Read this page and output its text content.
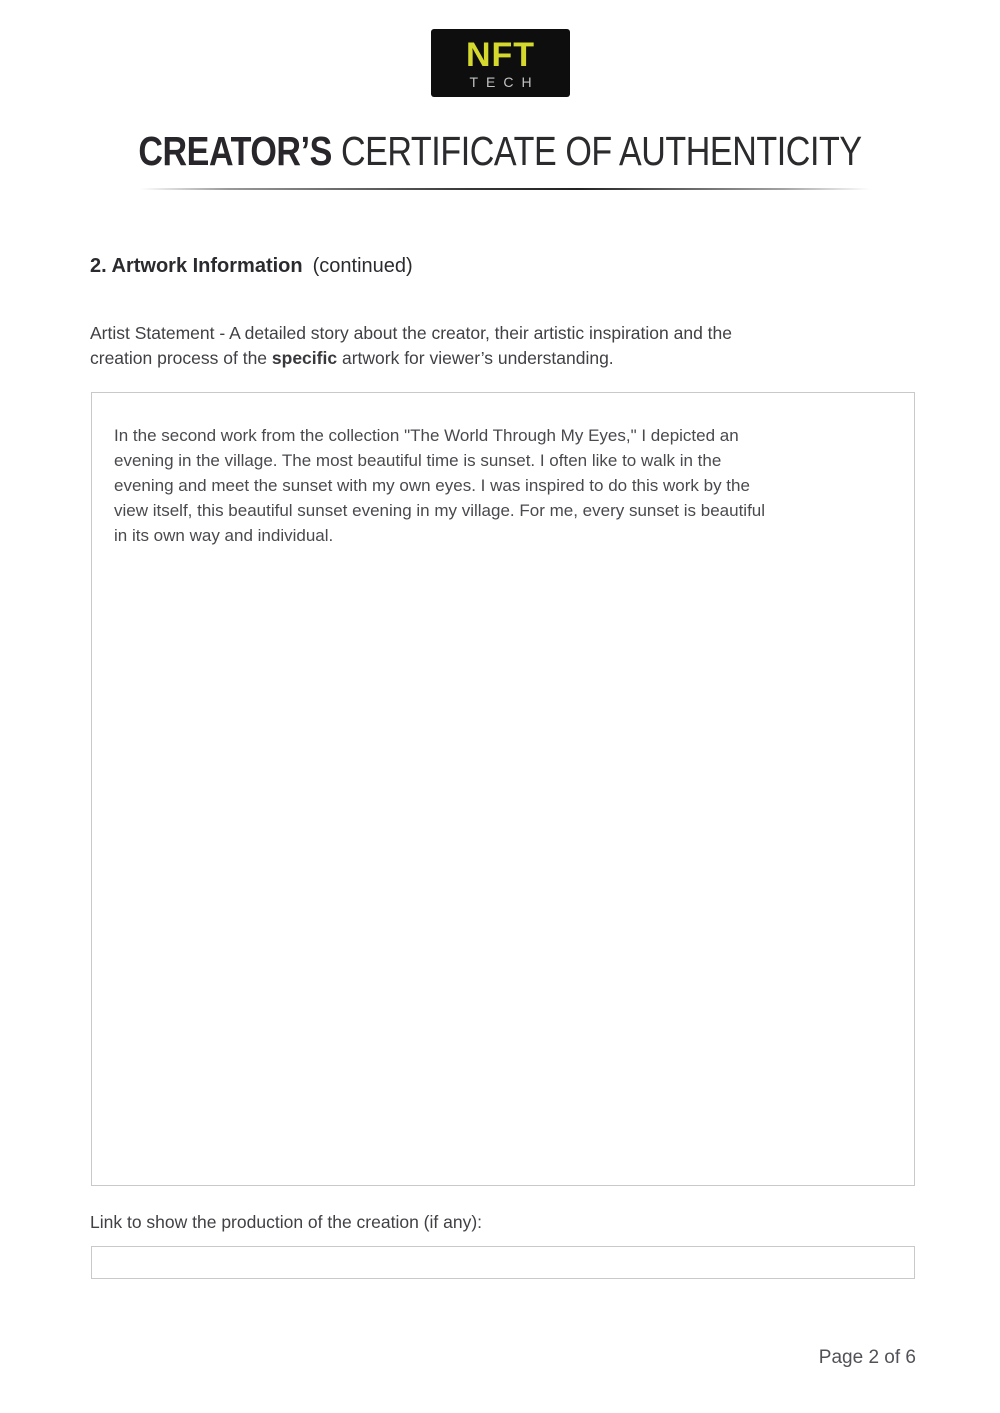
NFT
TECH
CREATOR’S CERTIFICATE OF AUTHENTICITY
2. Artwork Information (continued)

Artist Statement - A detailed story about the creator, their artistic inspiration and the
creation process of the specific artwork for viewer’s understanding.

In the second work from the collection "The World Through My Eyes," I depicted an
evening in the village. The most beautiful time is sunset. I often like to walk in the
evening and meet the sunset with my own eyes. I was inspired to do this work by the
view itself, this beautiful sunset evening in my village. For me, every sunset is beautiful
in its own way and individual.
Link to show the production of the creation (if any):
Page 2 of 6
